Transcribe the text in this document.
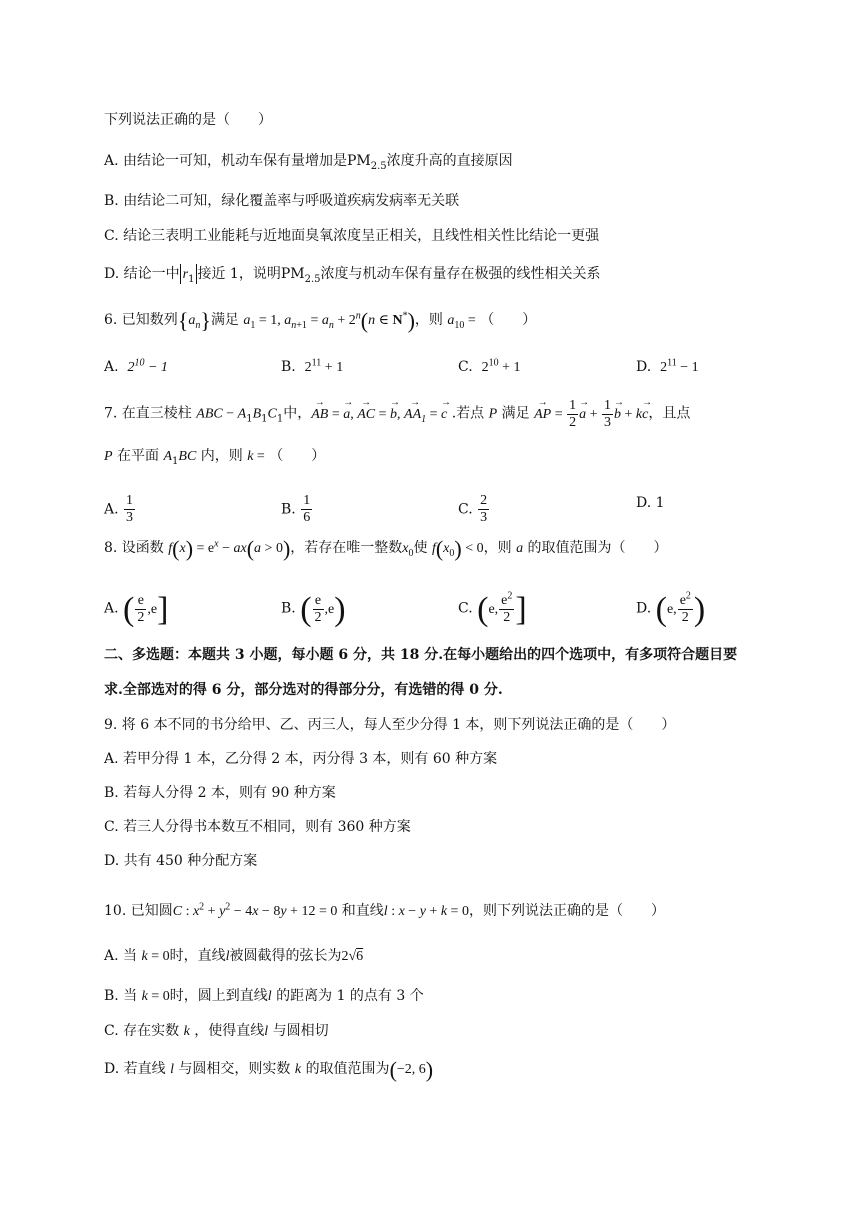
下列说法正确的是（　　）
A. 由结论一可知，机动车保有量增加是$PM_{2.5}$浓度升高的直接原因
B. 由结论二可知，绿化覆盖率与呼吸道疾病发病率无关联
C. 结论三表明工业能耗与近地面臭氧浓度呈正相关，且线性相关性比结论一更强
D. 结论一中 $r_1$ 接近 1，说明$PM_{2.5}$浓度与机动车保有量存在极强的线性相关关系
6. 已知数列$\{a_n\}$满足 $a_1 = 1$, $a_{n+1} = a_n + 2^n(n$ ∈ N*)，则 $a_{10}$ = （　　）
A. $2^{10} - 1$	B. $2^{11} + 1$	C. $2^{10} + 1$	D. $2^{11} - 1$
7. 在直三棱柱 ABC − $A_1B_1C_1$中，AB → = a →, AC → = b →, $AA_1$ → = c → .若点 P 满足 AP → = $\frac{1}{2}$ a → + $\frac{1}{3}$ b → + kc →，且点
P 在平面 $A_1BC$ 内，则 k = （　　）
A. $\frac{1}{3}$	B. $\frac{1}{6}$	C. $\frac{2}{3}$	D. 1
8. 设函数 $f(x) = e^x - ax(a > 0)$，若存在唯一整数$x_0$使 $f(x_0) < 0$，则 a 的取值范围为（　　）
A. ( $\frac{e}{2} ,e$]	B. ( $\frac{e}{2} ,e$)	C. (e, $\frac{e^2}{2}$ ]	D. (e, $\frac{e^2}{2}$ )
二、多选题：本题共 3 小题，每小题 6 分，共 18 分.在每小题给出的四个选项中，有多项符合题目要
求.全部选对的得 6 分，部分选对的得部分分，有选错的得 0 分.
9. 将 6 本不同的书分给甲、乙、丙三人，每人至少分得 1 本，则下列说法正确的是（　　）
A. 若甲分得 1 本，乙分得 2 本，丙分得 3 本，则有 60 种方案
B. 若每人分得 2 本，则有 90 种方案
C. 若三人分得书本数互不相同，则有 360 种方案
D. 共有 450 种分配方案
10. 已知圆C : $x^2 + y^2 - 4x - 8y + 12 = 0$ 和直线l : x − y + k = 0，则下列说法正确的是（　　）
A. 当 k = 0时，直线l被圆截得的弦长为2√6
B. 当 k = 0时，圆上到直线l 的距离为 1 的点有 3 个
C. 存在实数 k ，使得直线l 与圆相切
D. 若直线 l 与圆相交，则实数 k 的取值范围为(−2, 6)
